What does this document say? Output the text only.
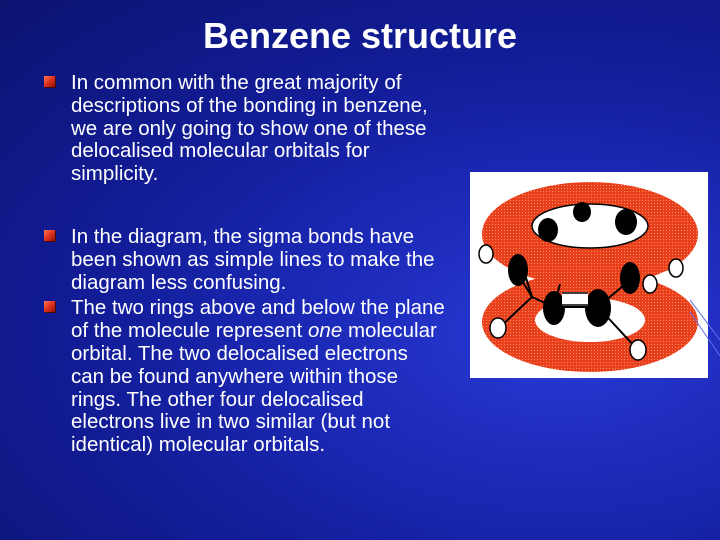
Benzene structure
In common with the great majority of descriptions of the bonding in benzene, we are only going to show one of these delocalised molecular orbitals for simplicity.
In the diagram, the sigma bonds have been shown as simple lines to make the diagram less confusing.
The two rings above and below the plane of the molecule represent one molecular orbital. The two delocalised electrons can be found anywhere within those rings. The other four delocalised electrons live in two similar (but not identical) molecular orbitals.
